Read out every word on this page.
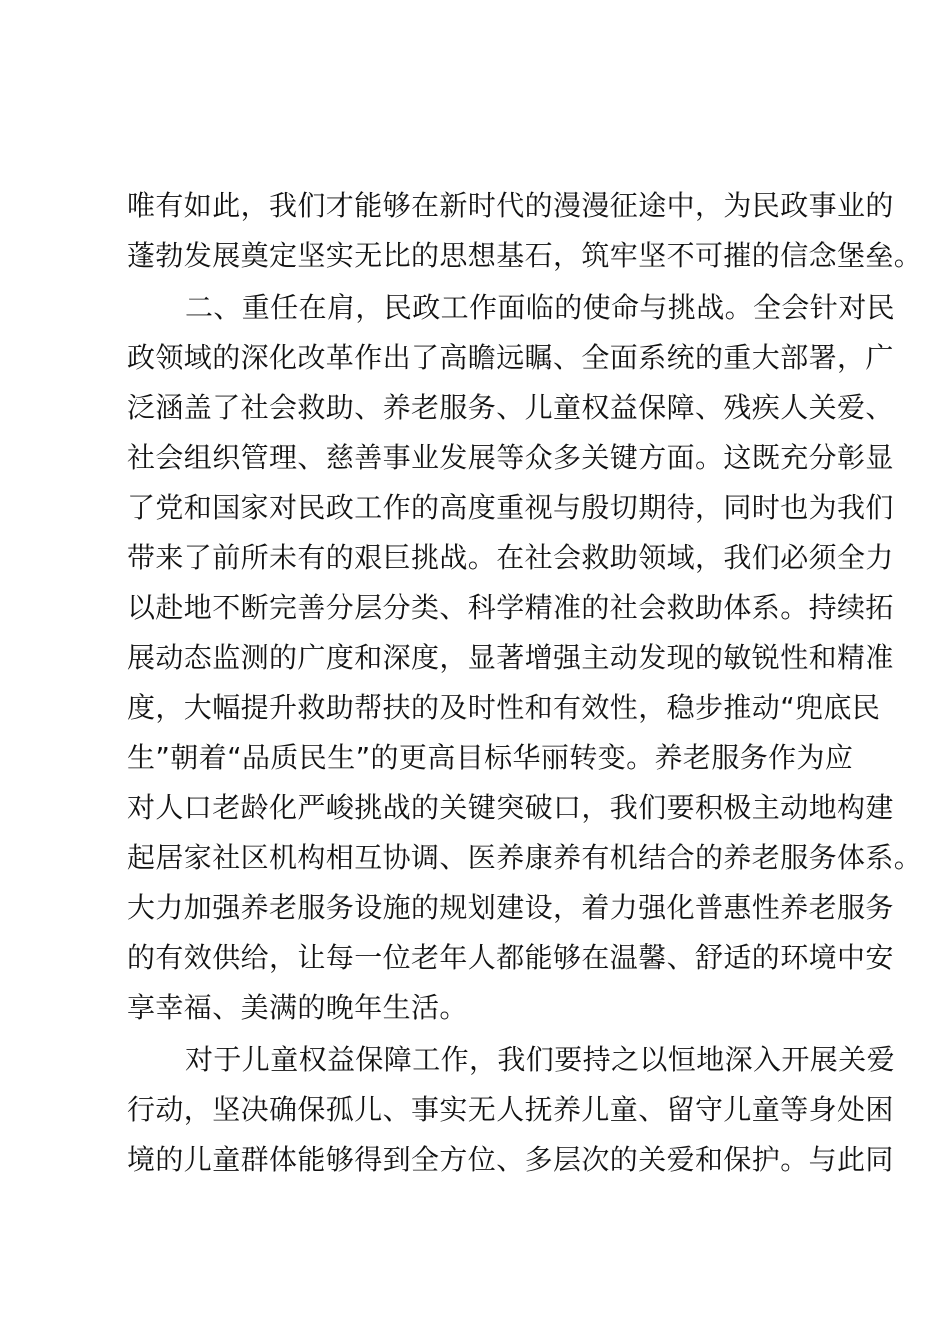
唯有如此，我们才能够在新时代的漫漫征途中，为民政事业的
蓬勃发展奠定坚实无比的思想基石，筑牢坚不可摧的信念堡垒。
二、重任在肩，民政工作面临的使命与挑战。全会针对民
政领域的深化改革作出了高瞻远瞩、全面系统的重大部署，广
泛涵盖了社会救助、养老服务、儿童权益保障、残疾人关爱、
社会组织管理、慈善事业发展等众多关键方面。这既充分彰显
了党和国家对民政工作的高度重视与殷切期待，同时也为我们
带来了前所未有的艰巨挑战。在社会救助领域，我们必须全力
以赴地不断完善分层分类、科学精准的社会救助体系。持续拓
展动态监测的广度和深度，显著增强主动发现的敏锐性和精准
度，大幅提升救助帮扶的及时性和有效性，稳步推动“兜底民
生”朝着“品质民生”的更高目标华丽转变。养老服务作为应
对人口老龄化严峻挑战的关键突破口，我们要积极主动地构建
起居家社区机构相互协调、医养康养有机结合的养老服务体系。
大力加强养老服务设施的规划建设，着力强化普惠性养老服务
的有效供给，让每一位老年人都能够在温馨、舒适的环境中安
享幸福、美满的晚年生活。
对于儿童权益保障工作，我们要持之以恒地深入开展关爱
行动，坚决确保孤儿、事实无人抚养儿童、留守儿童等身处困
境的儿童群体能够得到全方位、多层次的关爱和保护。与此同
